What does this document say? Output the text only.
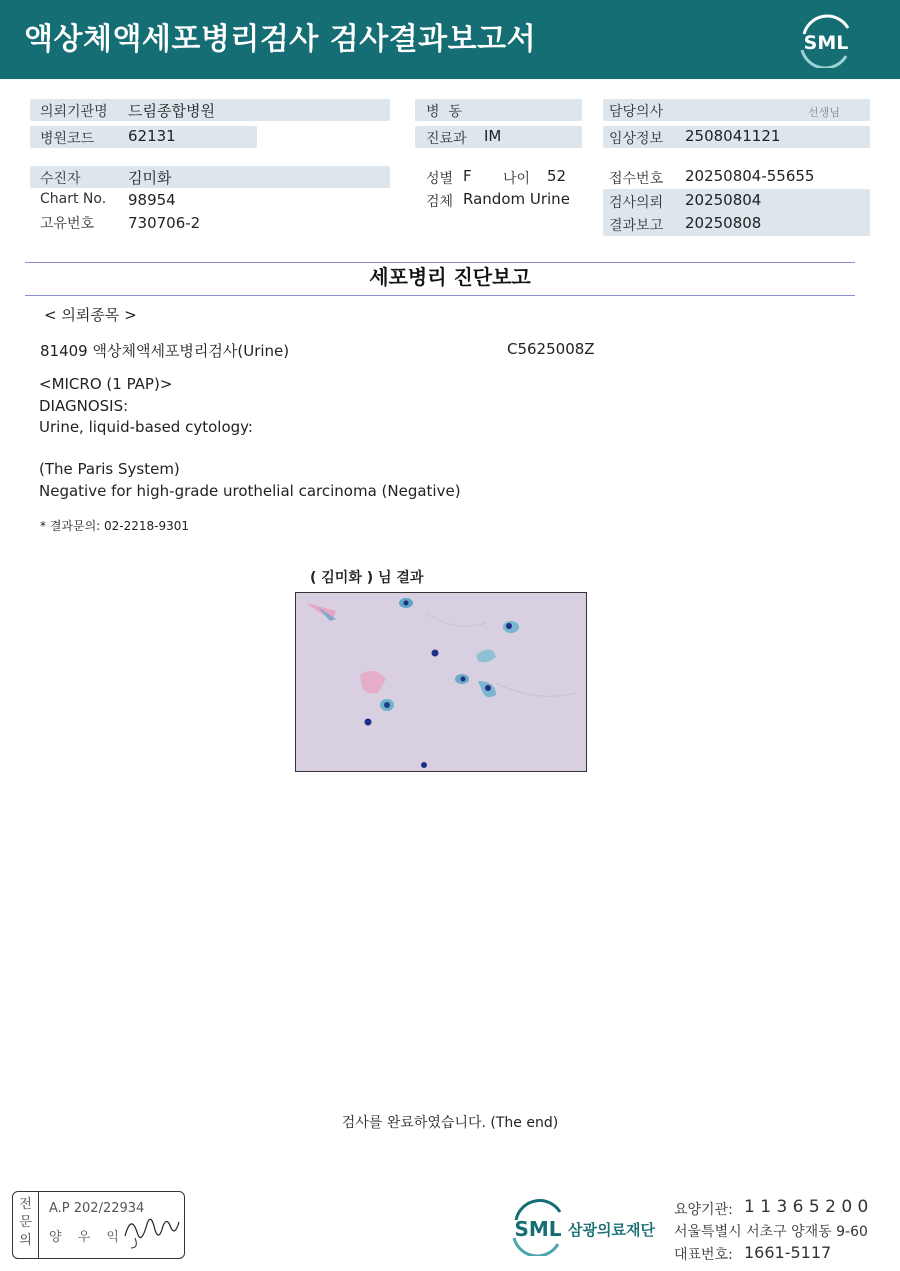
액상체액세포병리검사 검사결과보고서	SML
의뢰기관명 드림종합병원
병원코드 62131
수진자	김미화
Chart No. 98954
고유번호 730706-2
병  동
진료과 IM
성별 F 나이 52
검체 Random Urine
담당의사	선생님
임상정보 2508041121
접수번호 20250804-55655
검사의뢰 20250804
결과보고 20250808
세포병리 진단보고
< 의뢰종목 >
81409 액상체액세포병리검사(Urine)	C5625008Z
<MICRO (1 PAP)>
DIAGNOSIS:
Urine, liquid-based cytology:
(The Paris System)
Negative for high-grade urothelial carcinoma (Negative)
* 결과문의: 02-2218-9301
( 김미화 ) 님 결과
검사를 완료하였습니다. (The end)
전
문
의
A.P 202/22934
양 우 익	SML 삼광의료재단
요양기관: 1 1 3 6 5 2 0 0
서울특별시 서초구 양재동 9-60
대표번호: 1661-5117
